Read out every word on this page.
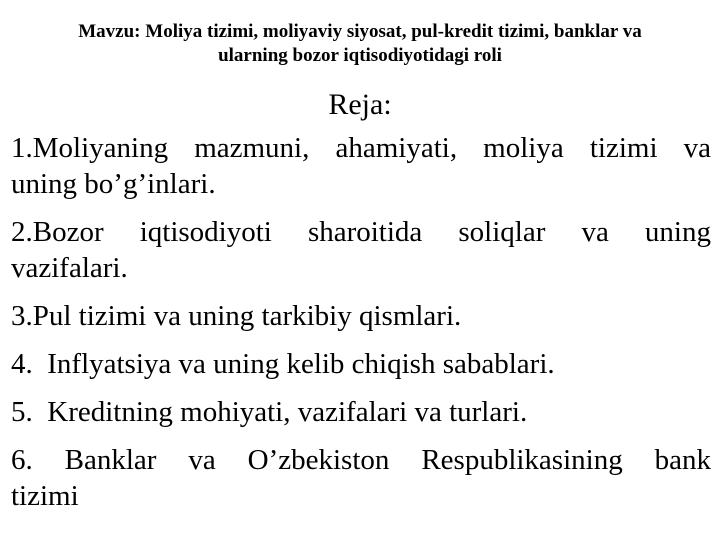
Mavzu: Moliya tizimi, moliyaviy siyosat, pul-kredit tizimi, banklar va
ularning bozor iqtisodiyotidagi roli
Reja:
1.Moliyaning mazmuni, ahamiyati, moliya tizimi va
uning bo’g’inlari.
2.Bozor iqtisodiyoti sharoitida soliqlar va uning
vazifalari.
3.Pul tizimi va uning tarkibiy qismlari.
4.  Inflyatsiya va uning kelib chiqish sabablari.
5.  Kreditning mohiyati, vazifalari va turlari.
6. Banklar va O’zbekiston Respublikasining bank
tizimi
